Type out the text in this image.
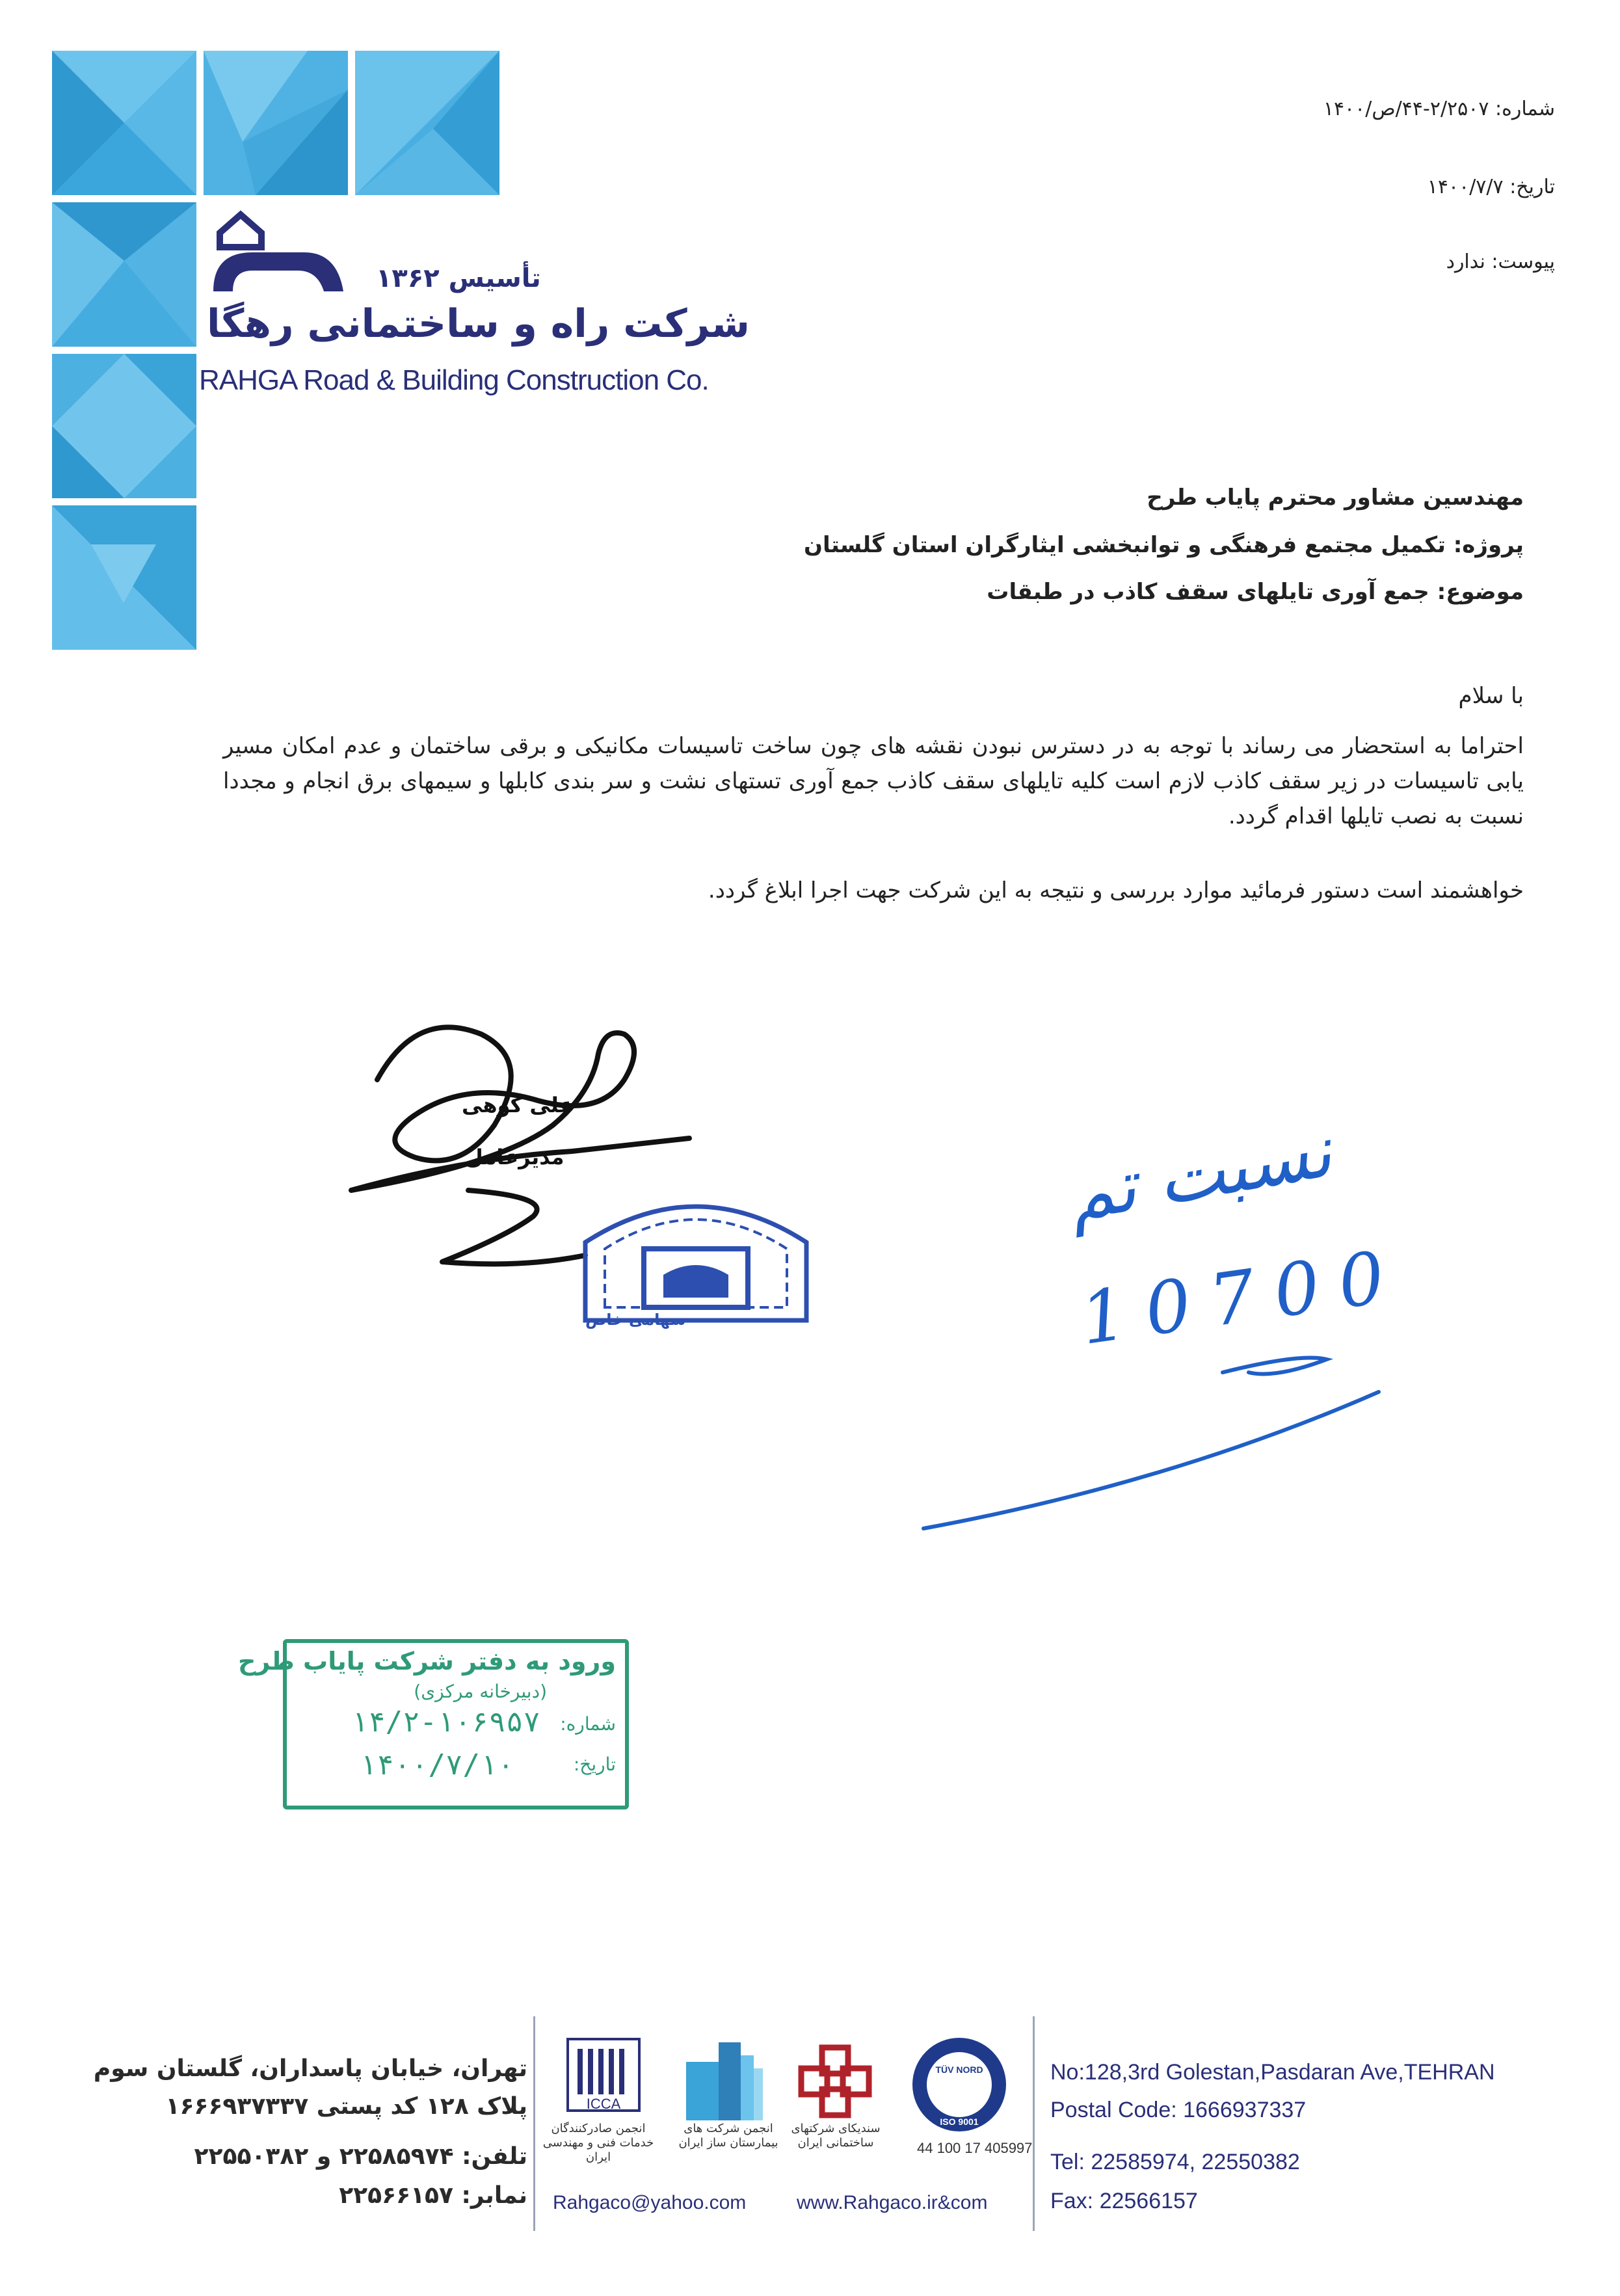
تأسیس ۱۳۶۲
شرکت راه و ساختمانی رهگا
RAHGA Road & Building Construction Co.
شماره: ۲/۲۵۰۷-۴۴/ص/۱۴۰۰
تاریخ: ۱۴۰۰/۷/۷
پیوست: ندارد
مهندسین مشاور محترم پایاب طرح
پروژه: تکمیل مجتمع فرهنگی و توانبخشی ایثارگران استان گلستان
موضوع: جمع آوری تایلهای سقف کاذب در طبقات
با سلام
احتراما به استحضار می رساند با توجه به در دسترس نبودن نقشه های چون ساخت تاسیسات مکانیکی و برقی ساختمان و عدم امکان مسیر یابی تاسیسات در زیر سقف کاذب لازم است کلیه تایلهای سقف کاذب جمع آوری تستهای نشت و سر بندی کابلها و سیمهای برق انجام و مجددا نسبت به نصب تایلها اقدام گردد.
خواهشمند است دستور فرمائید موارد بررسی و نتیجه به این شرکت جهت اجرا ابلاغ گردد.
علی کوهی
مدیرعامل
سهامی خاص
نسبت تم
10700
ورود به دفتر شرکت پایاب طرح
(دبیرخانه مرکزی)
شماره:
۱۴/۲-۱۰۶۹۵۷
تاریخ:
۱۴۰۰/۷/۱۰
تهران، خیابان پاسداران، گلستان سوم
پلاک ۱۲۸ کد پستی ۱۶۶۶۹۳۷۳۳۷
تلفن: ۲۲۵۸۵۹۷۴ و ۲۲۵۵۰۳۸۲
نمابر: ۲۲۵۶۶۱۵۷
ICCA
انجمن صادرکنندگان خدمات فنی و مهندسی ایران
انجمن شرکت های بیمارستان ساز ایران
سندیکای شرکتهای ساختمانی ایران
TÜV NORD
ISO 9001
44 100 17 405997
Rahgaco@yahoo.com	www.Rahgaco.ir&com
No:128,3rd Golestan,Pasdaran Ave,TEHRAN
Postal Code: 1666937337
Tel: 22585974, 22550382
Fax: 22566157
